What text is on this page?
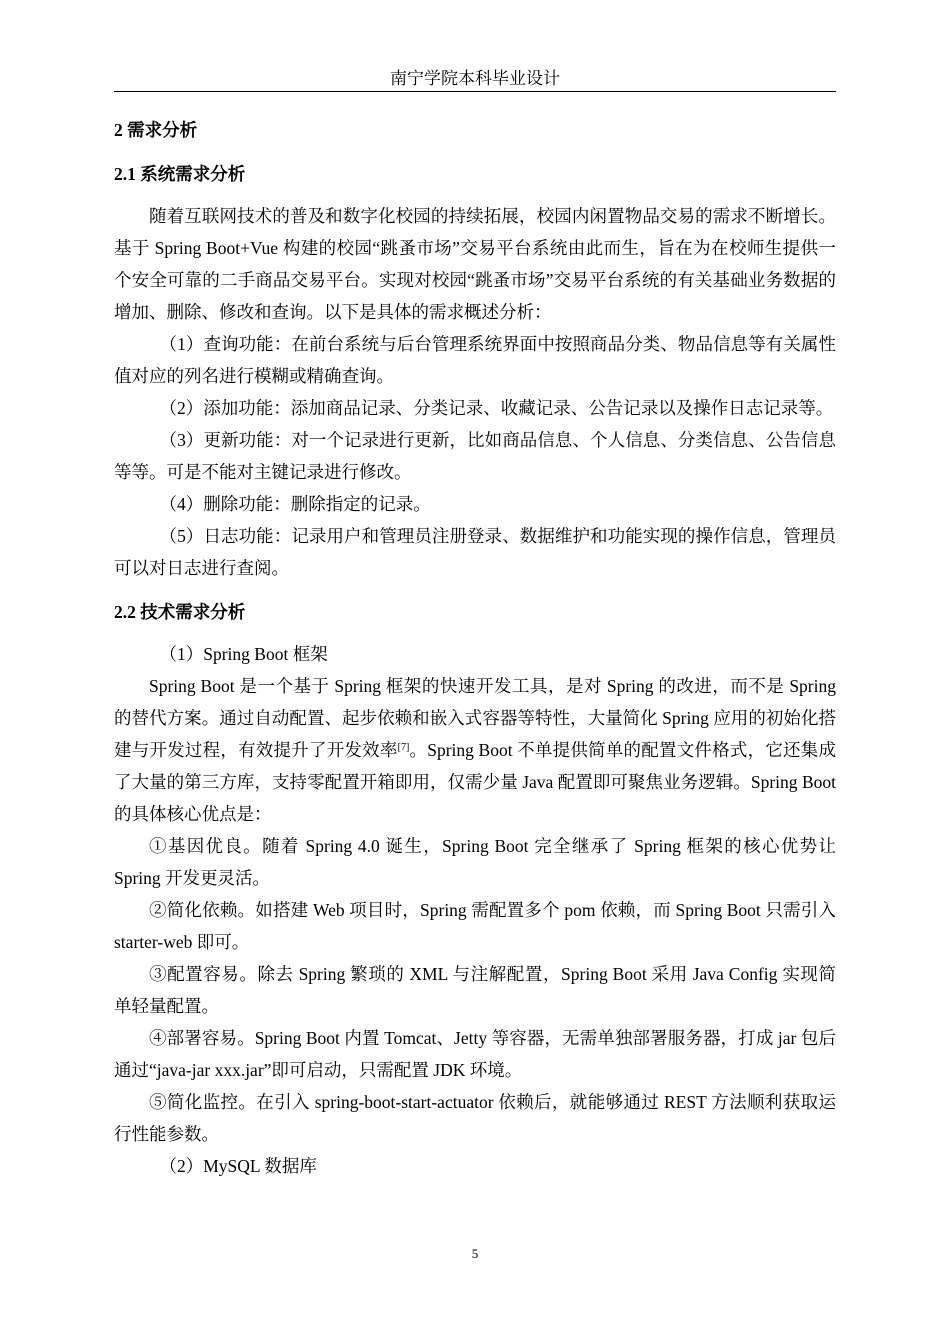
南宁学院本科毕业设计
2 需求分析
2.1 系统需求分析

随着互联网技术的普及和数字化校园的持续拓展，校园内闲置物品交易的需求不断增长。基于 Spring Boot+Vue 构建的校园“跳蚤市场”交易平台系统由此而生，旨在为在校师生提供一个安全可靠的二手商品交易平台。实现对校园“跳蚤市场”交易平台系统的有关基础业务数据的增加、删除、修改和查询。以下是具体的需求概述分析：

（1）查询功能：在前台系统与后台管理系统界面中按照商品分类、物品信息等有关属性值对应的列名进行模糊或精确查询。

（2）添加功能：添加商品记录、分类记录、收藏记录、公告记录以及操作日志记录等。

（3）更新功能：对一个记录进行更新，比如商品信息、个人信息、分类信息、公告信息等等。可是不能对主键记录进行修改。

（4）删除功能：删除指定的记录。

（5）日志功能：记录用户和管理员注册登录、数据维护和功能实现的操作信息，管理员可以对日志进行查阅。

2.2 技术需求分析

（1）Spring Boot 框架

Spring Boot 是一个基于 Spring 框架的快速开发工具，是对 Spring 的改进，而不是 Spring 的替代方案。通过自动配置、起步依赖和嵌入式容器等特性，大量简化 Spring 应用的初始化搭建与开发过程，有效提升了开发效率[7]。Spring Boot 不单提供简单的配置文件格式，它还集成了大量的第三方库，支持零配置开箱即用，仅需少量 Java 配置即可聚焦业务逻辑。Spring Boot 的具体核心优点是：

①基因优良。随着 Spring 4.0 诞生，Spring Boot 完全继承了 Spring 框架的核心优势让 Spring 开发更灵活。

②简化依赖。如搭建 Web 项目时，Spring 需配置多个 pom 依赖，而 Spring Boot 只需引入 starter-web 即可。

③配置容易。除去 Spring 繁琐的 XML 与注解配置，Spring Boot 采用 Java Config 实现简单轻量配置。

④部署容易。Spring Boot 内置 Tomcat、Jetty 等容器，无需单独部署服务器，打成 jar 包后通过“java-jar xxx.jar”即可启动，只需配置 JDK 环境。

⑤简化监控。在引入 spring-boot-start-actuator 依赖后，就能够通过 REST 方法顺利获取运行性能参数。

（2）MySQL 数据库

5
